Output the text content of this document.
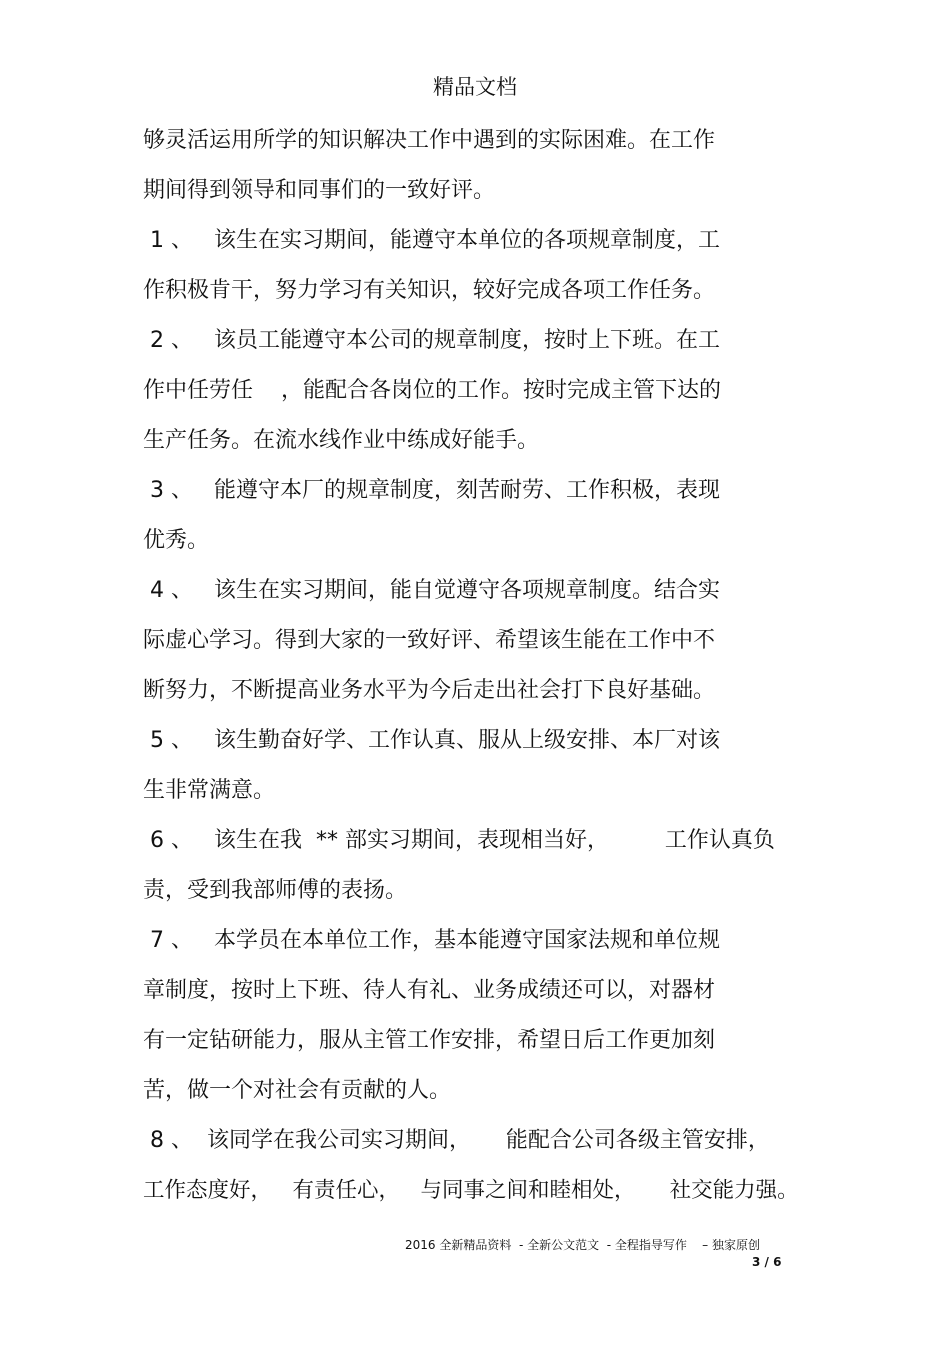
精品文档
够灵活运用所学的知识解决工作中遇到的实际困难。在工作
期间得到领导和同事们的一致好评。
1 、   该生在实习期间，能遵守本单位的各项规章制度，工
作积极肯干，努力学习有关知识，较好完成各项工作任务。
2 、   该员工能遵守本公司的规章制度，按时上下班。在工
作中任劳任    ，能配合各岗位的工作。按时完成主管下达的
生产任务。在流水线作业中练成好能手。
3 、   能遵守本厂的规章制度，刻苦耐劳、工作积极，表现
优秀。
4 、   该生在实习期间，能自觉遵守各项规章制度。结合实
际虚心学习。得到大家的一致好评、希望该生能在工作中不
断努力，不断提高业务水平为今后走出社会打下良好基础。
5 、   该生勤奋好学、工作认真、服从上级安排、本厂对该
生非常满意。
6 、   该生在我  ** 部实习期间，表现相当好，        工作认真负
责，受到我部师傅的表扬。
7 、   本学员在本单位工作，基本能遵守国家法规和单位规
章制度，按时上下班、待人有礼、业务成绩还可以，对器材
有一定钻研能力，服从主管工作安排，希望日后工作更加刻
苦，做一个对社会有贡献的人。
8 、  该同学在我公司实习期间，     能配合公司各级主管安排，
工作态度好，   有责任心，   与同事之间和睦相处，     社交能力强。
2016 全新精品资料  - 全新公文范文  - 全程指导写作    – 独家原创
3 / 6
